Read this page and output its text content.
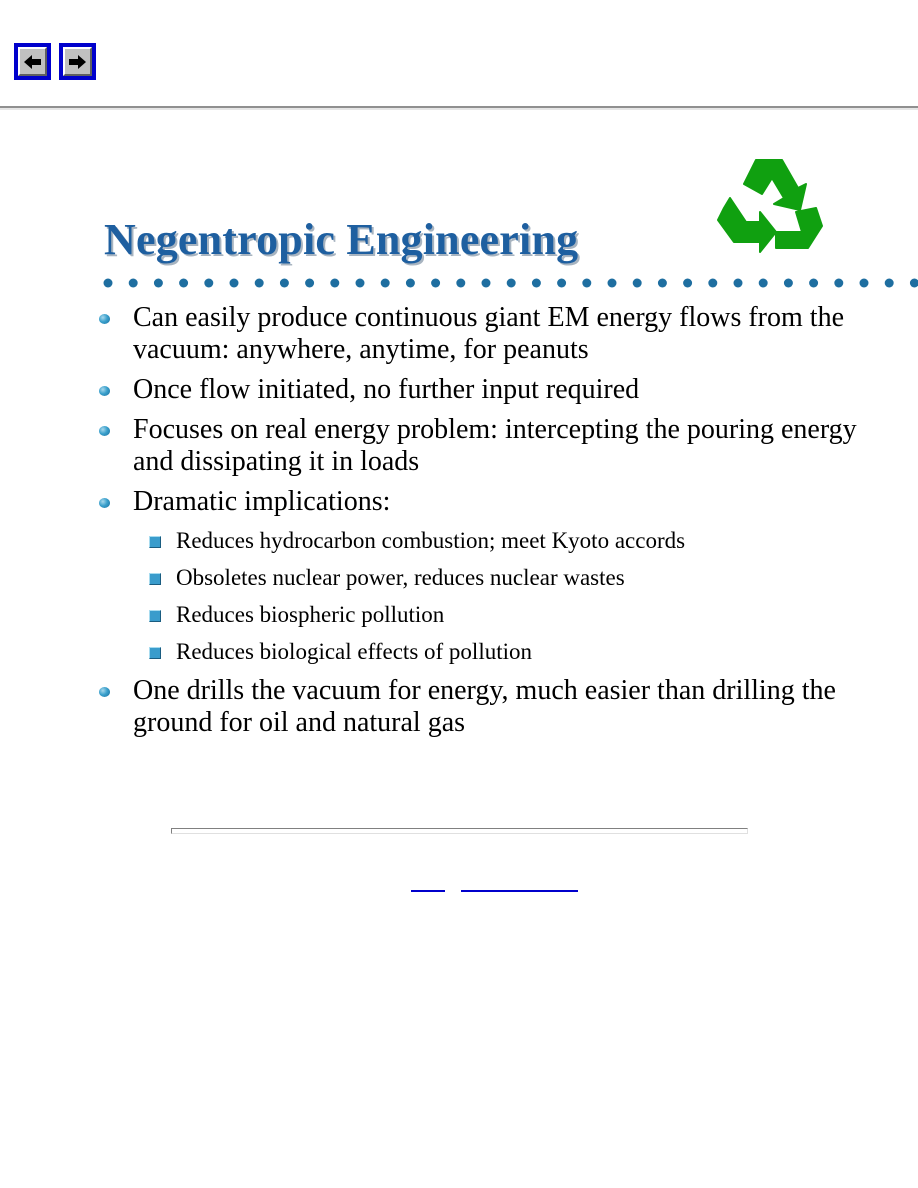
Negentropic Engineering
Can easily produce continuous giant EM energy flows from the vacuum: anywhere, anytime, for peanuts
Once flow initiated, no further input required
Focuses on real energy problem: intercepting the pouring energy and dissipating it in loads
Dramatic implications:
Reduces hydrocarbon combustion; meet Kyoto accords
Obsoletes nuclear power, reduces nuclear wastes
Reduces biospheric pollution
Reduces biological effects of pollution
One drills the vacuum for energy, much easier than drilling the ground for oil and natural gas
